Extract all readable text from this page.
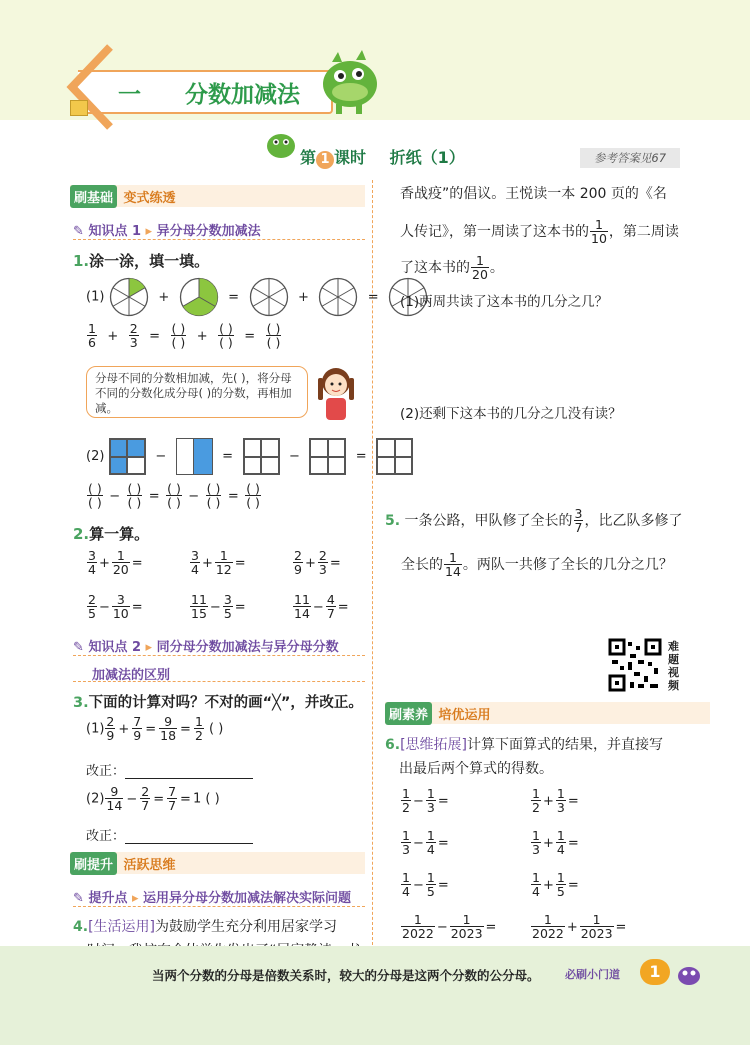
一 分数加减法
第 1 课时 折纸（1）	参考答案见67
刷基础 变式练透
✎ 知识点 1 ▸ 异分母分数加减法
1.涂一涂，填一填。
(1)	+	=	+	=
$\frac{1}{6} + \frac{2}{3} = \frac{( )}{( )} + \frac{( )}{( )} = \frac{( )}{( )}$
分母不同的分数相加减，先( )，将分母不同的分数化成分母( )的分数，再相加减。
(2)	−	=	−	=
$\frac{( )}{( )} - \frac{( )}{( )} = \frac{( )}{( )} - \frac{( )}{( )} = \frac{( )}{( )}$
2.算一算。
$\frac{3}{4} + \frac{1}{20}$ =	$\frac{3}{4} + \frac{1}{12}$ =	$\frac{2}{9} + \frac{2}{3}$ =
$\frac{2}{5} - \frac{3}{10}$ =	$\frac{11}{15} - \frac{3}{5}$ =	$\frac{11}{14} - \frac{4}{7}$ =
✎ 知识点 2 ▸ 同分母分数加减法与异分母分数
加减法的区别
3.下面的计算对吗？不对的画“╳”，并改正。
$(1) \frac{2}{9} + \frac{7}{9} = \frac{9}{18} = \frac{1}{2}$ ( )
改正：
$(2) \frac{9}{14} - \frac{2}{7} = \frac{7}{7} = 1$ ( )
改正：
刷提升 活跃思维
✎ 提升点 ▸ 运用异分母分数加减法解决实际问题
4.[生活运用]为鼓励学生充分利用居家学习

香战疫”的倡议。王悦读一本 200 页的《名
人传记》，第一周读了这本书的 $\frac{1}{10}$ ，第二周读
了这本书的 $\frac{1}{20}$ 。
(1)两周共读了这本书的几分之几？
(2)还剩下这本书的几分之几没有读？
5. 一条公路，甲队修了全长的 $\frac{3}{7}$ ，比乙队多修了
全长的 $\frac{1}{14}$ 。两队一共修了全长的几分之几？
难题视频
刷素养 培优运用
6.[思维拓展]计算下面算式的结果，并直接写
出最后两个算式的得数。
$\frac{1}{2} - \frac{1}{3}$ =	$\frac{1}{2} + \frac{1}{3}$ =
$\frac{1}{3} - \frac{1}{4}$ =	$\frac{1}{3} + \frac{1}{4}$ =
$\frac{1}{4} - \frac{1}{5}$ =	$\frac{1}{4} + \frac{1}{5}$ =
$\frac{1}{2022} - \frac{1}{2023}$ =	$\frac{1}{2022} + \frac{1}{2023}$ =
当两个分数的分母是倍数关系时，较大的分母是这两个分数的公分母。 必刷小门道	1
